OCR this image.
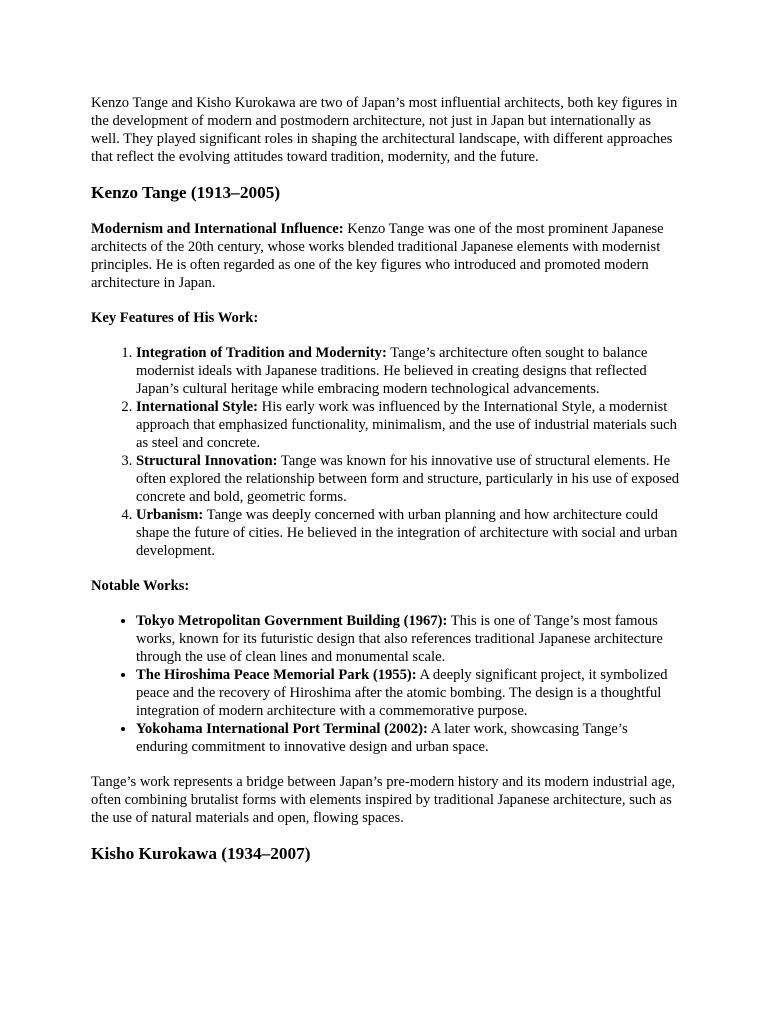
Kenzo Tange and Kisho Kurokawa are two of Japan’s most influential architects, both key figures in the development of modern and postmodern architecture, not just in Japan but internationally as well. They played significant roles in shaping the architectural landscape, with different approaches that reflect the evolving attitudes toward tradition, modernity, and the future.

Kenzo Tange (1913–2005)

Modernism and International Influence: Kenzo Tange was one of the most prominent Japanese architects of the 20th century, whose works blended traditional Japanese elements with modernist principles. He is often regarded as one of the key figures who introduced and promoted modern architecture in Japan.

Key Features of His Work:

1. Integration of Tradition and Modernity: Tange’s architecture often sought to balance modernist ideals with Japanese traditions. He believed in creating designs that reflected Japan’s cultural heritage while embracing modern technological advancements.
2. International Style: His early work was influenced by the International Style, a modernist approach that emphasized functionality, minimalism, and the use of industrial materials such as steel and concrete.
3. Structural Innovation: Tange was known for his innovative use of structural elements. He often explored the relationship between form and structure, particularly in his use of exposed concrete and bold, geometric forms.
4. Urbanism: Tange was deeply concerned with urban planning and how architecture could shape the future of cities. He believed in the integration of architecture with social and urban development.

Notable Works:

• Tokyo Metropolitan Government Building (1967): This is one of Tange’s most famous works, known for its futuristic design that also references traditional Japanese architecture through the use of clean lines and monumental scale.
• The Hiroshima Peace Memorial Park (1955): A deeply significant project, it symbolized peace and the recovery of Hiroshima after the atomic bombing. The design is a thoughtful integration of modern architecture with a commemorative purpose.
• Yokohama International Port Terminal (2002): A later work, showcasing Tange’s enduring commitment to innovative design and urban space.

Tange’s work represents a bridge between Japan’s pre-modern history and its modern industrial age, often combining brutalist forms with elements inspired by traditional Japanese architecture, such as the use of natural materials and open, flowing spaces.

Kisho Kurokawa (1934–2007)
